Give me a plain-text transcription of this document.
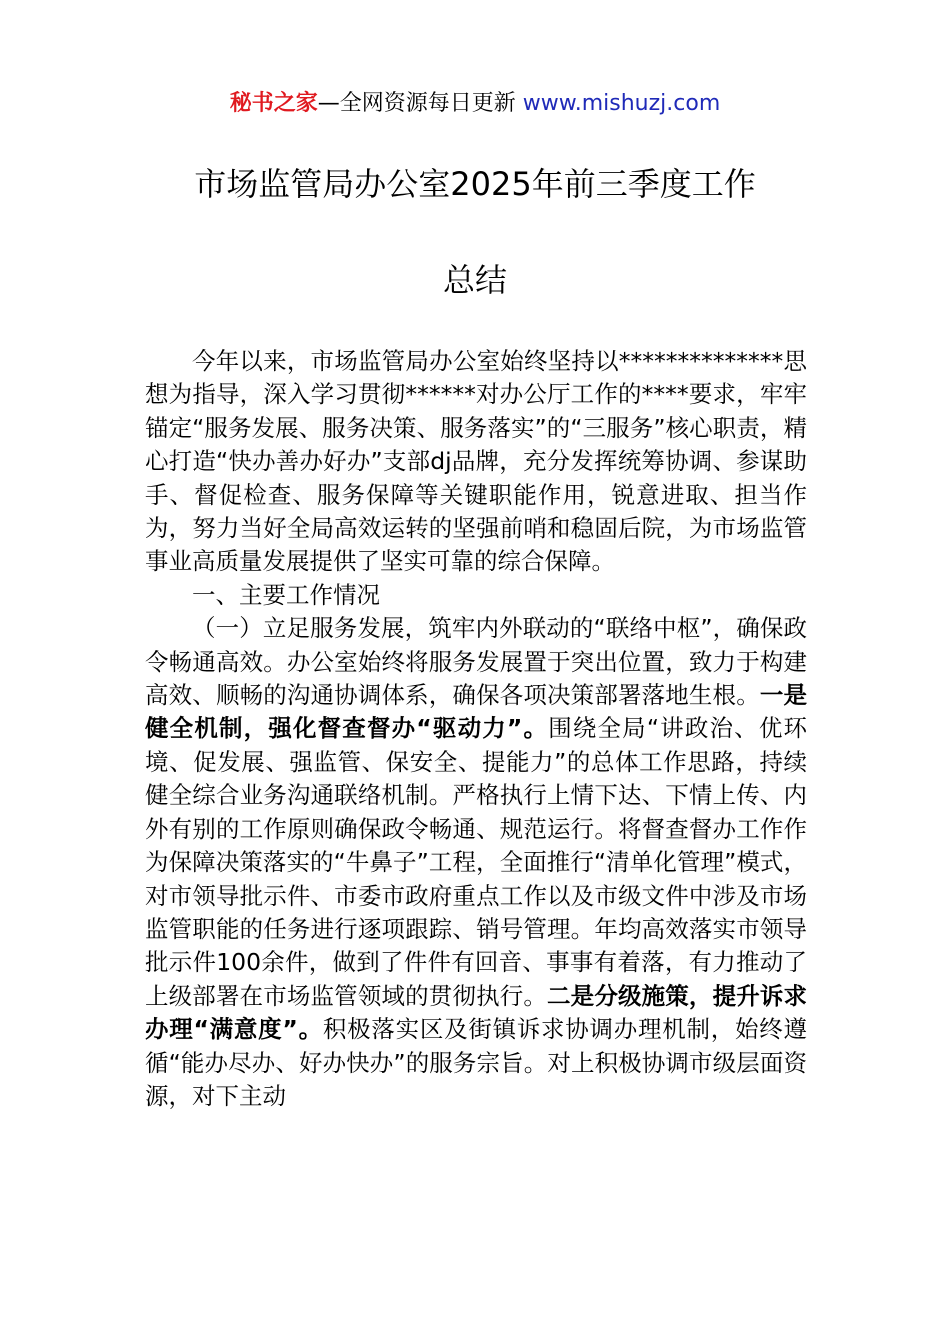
秘书之家—全网资源每日更新 www.mishuzj.com
市场监管局办公室2025年前三季度工作
总结

今年以来，市场监管局办公室始终坚持以**************思想为指导，深入学习贯彻******对办公厅工作的****要求，牢牢锚定“服务发展、服务决策、服务落实”的“三服务”核心职责，精心打造“快办善办好办”支部dj品牌，充分发挥统筹协调、参谋助手、督促检查、服务保障等关键职能作用，锐意进取、担当作为，努力当好全局高效运转的坚强前哨和稳固后院，为市场监管事业高质量发展提供了坚实可靠的综合保障。

一、主要工作情况

（一）立足服务发展，筑牢内外联动的“联络中枢”，确保政令畅通高效。办公室始终将服务发展置于突出位置，致力于构建高效、顺畅的沟通协调体系，确保各项决策部署落地生根。一是健全机制，强化督查督办“驱动力”。围绕全局“讲政治、优环境、促发展、强监管、保安全、提能力”的总体工作思路，持续健全综合业务沟通联络机制。严格执行上情下达、下情上传、内外有别的工作原则确保政令畅通、规范运行。将督查督办工作作为保障决策落实的“牛鼻子”工程，全面推行“清单化管理”模式，对市领导批示件、市委市政府重点工作以及市级文件中涉及市场监管职能的任务进行逐项跟踪、销号管理。年均高效落实市领导批示件100余件，做到了件件有回音、事事有着落，有力推动了上级部署在市场监管领域的贯彻执行。二是分级施策，提升诉求办理“满意度”。积极落实区及街镇诉求协调办理机制，始终遵循“能办尽办、好办快办”的服务宗旨。对上积极协调市级层面资源，对下主动
